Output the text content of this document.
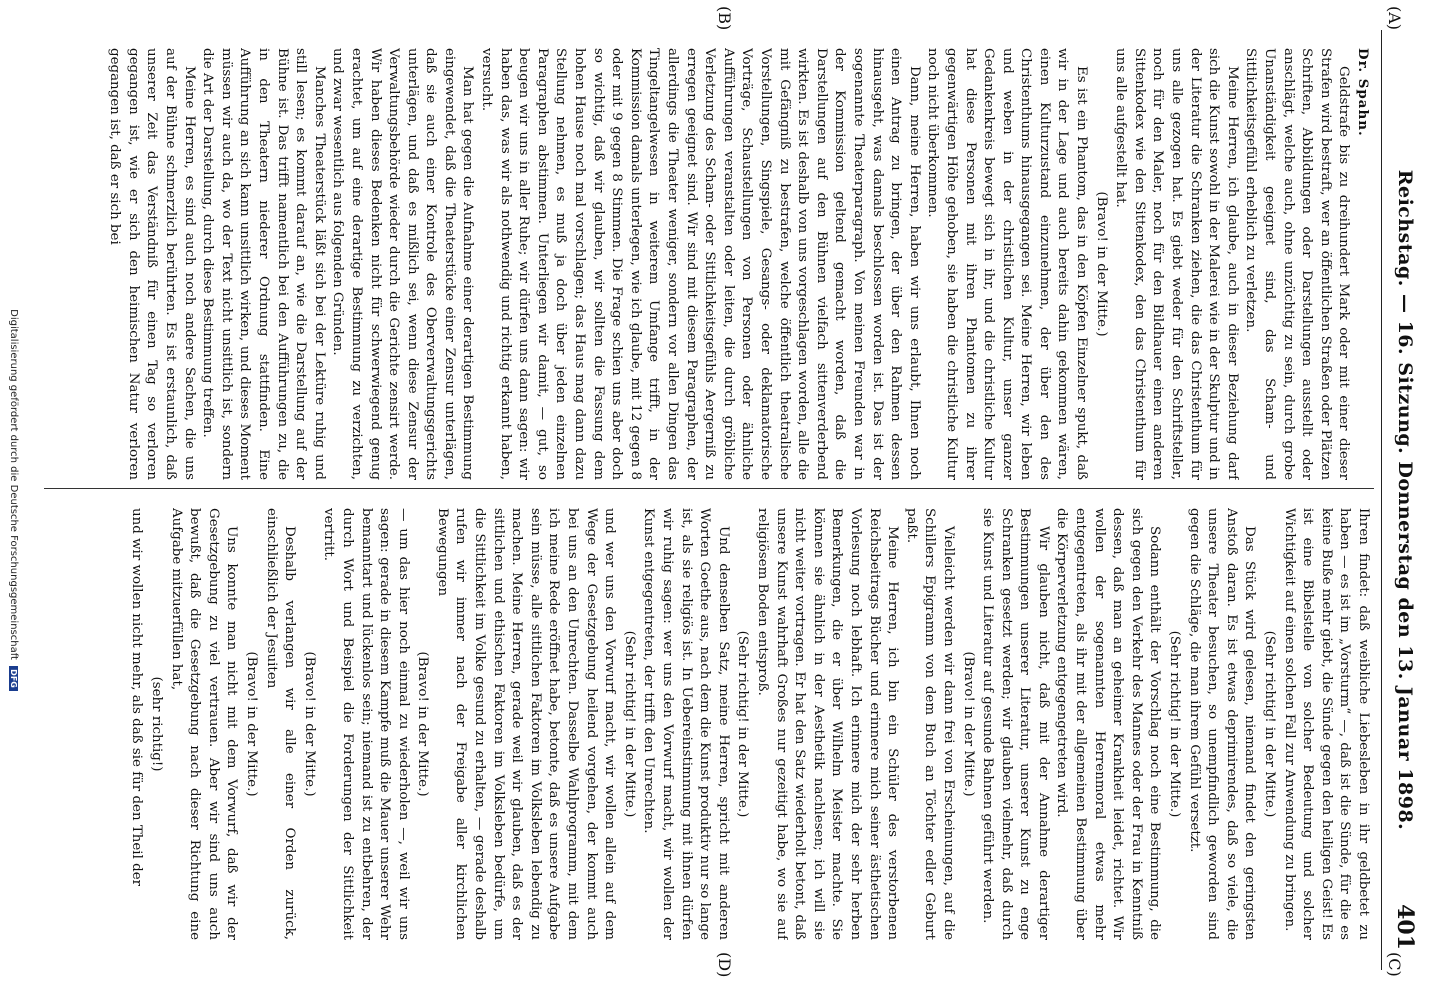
Reichstag. — 16. Sitzung. Donnerstag den 13. Januar 1898.
401
(A)
(B)
(C)
(D)

Dr. Spahn.

Geldstrafe bis zu dreihundert Mark oder mit einer dieser Strafen wird bestraft, wer an öffentlichen Straßen oder Plätzen Schriften, Abbildungen oder Darstellungen ausstellt oder anschlägt, welche auch, ohne unzüchtig zu sein, durch grobe Unanständigkeit geeignet sind, das Scham- und Sittlichkeitsgefühl erheblich zu verletzen.

Meine Herren, ich glaube, auch in dieser Beziehung darf sich die Kunst sowohl in der Malerei wie in der Skulptur und in der Literatur die Schranken ziehen, die das Christenthum für uns alle gezogen hat. Es giebt weder für den Schriftsteller, noch für den Maler, noch für den Bildhauer einen anderen Sittenkodex wie den Sittenkodex, den das Christenthum für uns alle aufgestellt hat.

(Bravo! in der Mitte.)

Es ist ein Phantom, das in den Köpfen Einzelner spukt, daß wir in der Lage und auch bereits dahin gekommen wären, einen Kulturzustand einzunehmen, der über den des Christenthums hinausgegangen sei. Meine Herren, wir leben und weben in der christlichen Kultur, unser ganzer Gedankenkreis bewegt sich in ihr, und die christliche Kultur hat diese Personen mit ihren Phantomen zu ihrer gegenwärtigen Höhe gehoben, sie haben die christliche Kultur noch nicht überkommen.

Dann, meine Herren, haben wir uns erlaubt, Ihnen noch einen Antrag zu bringen, der über den Rahmen dessen hinausgeht, was damals beschlossen worden ist. Das ist der sogenannte Theaterparagraph. Von meinen Freunden war in der Kommission geltend gemacht worden, daß die Darstellungen auf den Bühnen vielfach sittenverderbend wirkten. Es ist deshalb von uns vorgeschlagen worden, alle die mit Gefängniß zu bestrafen, welche öffentlich theatralische Vorstellungen, Singspiele, Gesangs- oder deklamatorische Vorträge, Schaustellungen von Personen oder ähnliche Aufführungen veranstalten oder leiten, die durch gröbliche Verletzung des Scham- oder Sittlichkeitsgefühls Aergerniß zu erregen geeignet sind. Wir sind mit diesem Paragraphen, der allerdings die Theater weniger, sondern vor allen Dingen das Tingeltangelwesen in weiterem Umfange trifft, in der Kommission damals unterlegen, wie ich glaube, mit 12 gegen 8 oder mit 9 gegen 8 Stimmen. Die Frage schien uns aber doch so wichtig, daß wir glauben, wir sollten die Fassung dem hohen Hause noch mal vorschlagen; das Haus mag dann dazu Stellung nehmen, es muß ja doch über jeden einzelnen Paragraphen abstimmen. Unterliegen wir damit, — gut, so beugen wir uns in aller Ruhe; wir dürfen uns dann sagen: wir haben das, was wir als nothwendig und richtig erkannt haben, versucht.

Man hat gegen die Aufnahme einer derartigen Bestimmung eingewendet, daß die Theaterstücke einer Zensur unterlägen, daß sie auch einer Kontrole des Oberverwaltungsgerichts unterlägen, und daß es mißlich sei, wenn diese Zensur der Verwaltungsbehörde wieder durch die Gerichte zensirt werde. Wir haben dieses Bedenken nicht für schwerwiegend genug erachtet, um auf eine derartige Bestimmung zu verzichten, und zwar wesentlich aus folgenden Gründen.

Manches Theaterstück läßt sich bei der Lektüre ruhig und still lesen; es kommt darauf an, wie die Darstellung auf der Bühne ist. Das trifft namentlich bei den Aufführungen zu, die in den Theatern niederer Ordnung stattfinden. Eine Aufführung an sich kann unsittlich wirken, und dieses Moment müssen wir auch da, wo der Text nicht unsittlich ist, sondern die Art der Darstellung, durch diese Bestimmung treffen.

Meine Herren, es sind auch noch andere Sachen, die uns auf der Bühne schmerzlich berührten. Es ist erstaunlich, daß unserer Zeit das Verständniß für einen Tag so verloren gegangen ist, wie er sich den heimischen Natur verloren gegangen ist, daß er sich bei

Ihren findet: daß weibliche Liebesleben in ihr geldbetet zu haben — es ist im „Vorsturm“ —, daß ist die Sünde, für die es keine Buße mehr giebt, die Sünde gegen den heiligen Geist! Es ist eine Bibelstelle von solcher Bedeutung und solcher Wichtigkeit auf einen solchen Fall zur Anwendung zu bringen.

(Sehr richtig! in der Mitte.)

Das Stück wird gelesen, niemand findet den geringsten Anstoß daran. Es ist etwas deprimirendes, daß so viele, die unsere Theater besuchen, so unempfindlich geworden sind gegen die Schläge, die man ihrem Gefühl versetzt.

(Sehr richtig! in der Mitte.)

Sodann enthält der Vorschlag noch eine Bestimmung, die sich gegen den Verkehr des Mannes oder der Frau in Kenntniß dessen, daß man an geheimer Krankheit leidet, richtet. Wir wollen der sogenannten Herrenmoral etwas mehr entgegentreten, als ihr mit der allgemeinen Bestimmung über die Körperverletzung entgegengetreten wird.

Wir glauben nicht, daß mit der Annahme derartiger Bestimmungen unserer Literatur, unserer Kunst zu enge Schranken gesetzt werden; wir glauben vielmehr, daß durch sie Kunst und Literatur auf gesunde Bahnen geführt werden.

(Bravo! in der Mitte.)

Vielleicht werden wir dann frei von Erscheinungen, auf die Schillers Epigramm von dem Buch an Töchter edler Geburt paßt.

Meine Herren, ich bin ein Schüler des verstorbenen Reichsbeitrags Bücher und erinnere mich seiner ästhetischen Vorlesung noch lebhaft. Ich erinnere mich der sehr herben Bemerkungen, die er über Wilhelm Meister machte. Sie können sie ähnlich in der Aesthetik nachlesen; ich will sie nicht weiter vortragen. Er hat den Satz wiederholt betont, daß unsere Kunst wahrhaft Großes nur gezeitigt habe, wo sie auf religiösem Boden entsproß.

(Sehr richtig! in der Mitte.)

Und denselben Satz, meine Herren, spricht mit anderen Worten Goethe aus, nach dem die Kunst produktiv nur so lange ist, als sie religiös ist. In Uebereinstimmung mit ihnen dürfen wir ruhig sagen: wer uns den Vorwurf macht, wir wollen der Kunst entgegentreten, der trifft den Unrechten.

(Sehr richtig! in der Mitte.)

und wer uns den Vorwurf macht, wir wollen allein auf dem Wege der Gesetzgebung heilend vorgehen, der kommt auch bei uns an den Unrechten. Dasselbe Wahlprogramm, mit dem ich meine Rede eröffnet habe, betonte, daß es unsere Aufgabe sein müsse, alle sittlichen Faktoren im Volksleben lebendig zu machen. Meine Herren, gerade weil wir glauben, daß es der sittlichen und ethischen Faktoren im Volksleben bedürfe, um die Sittlichkeit im Volke gesund zu erhalten, — gerade deshalb rufen wir immer nach der Freigabe aller kirchlichen Bewegungen

(Bravo! in der Mitte.)

— um das hier noch einmal zu wiederholen —, weil wir uns sagen: gerade in diesem Kampfe muß die Mauer unserer Wehr bemanntart und lückenlos sein; niemand ist zu entbehren, der durch Wort und Beispiel die Forderungen der Sittlichkeit vertritt.

(Bravo! in der Mitte.)

Deshalb verlangen wir alle einer Orden zurück, einschließlich der Jesuiten

(Bravo! in der Mitte.)

Uns konnte man nicht mit dem Vorwurf, daß wir der Gesetzgebung zu viel vertrauen. Aber wir sind uns auch bewußt, daß die Gesetzgebung nach dieser Richtung eine Aufgabe mitzuerfüllen hat,

(sehr richtig!)

und wir wollen nicht mehr, als daß sie für den Theil der

Digitalisierung gefördert durch die Deutsche Forschungsgemeinschaft DFG
